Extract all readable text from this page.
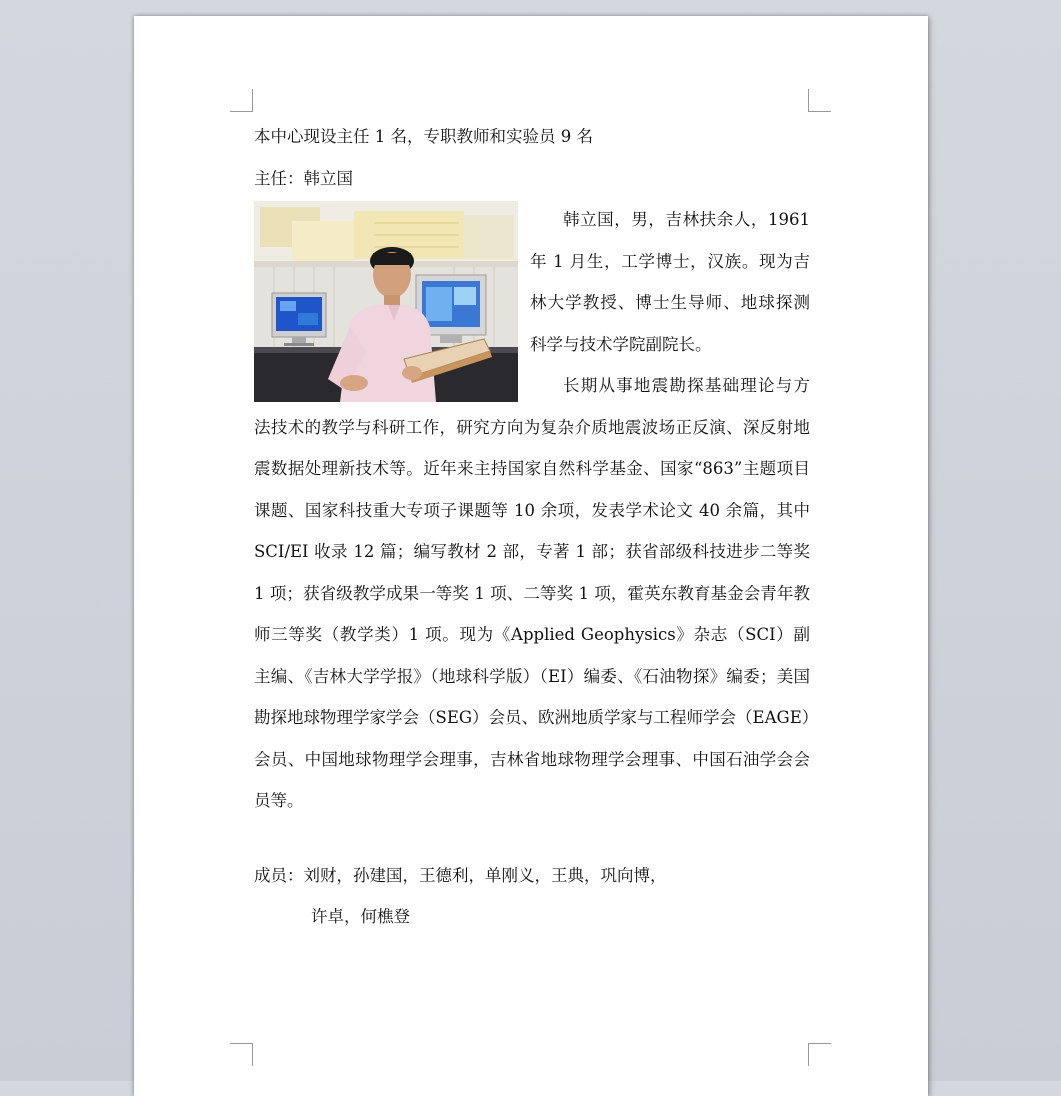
本中心现设主任 1 名，专职教师和实验员 9 名

主任：韩立国

韩立国，男，吉林扶余人，1961 年 1 月生，工学博士，汉族。现为吉林大学教授、博士生导师、地球探测科学与技术学院副院长。

长期从事地震勘探基础理论与方法技术的教学与科研工作，研究方向为复杂介质地震波场正反演、深反射地震数据处理新技术等。近年来主持国家自然科学基金、国家“863”主题项目课题、国家科技重大专项子课题等 10 余项，发表学术论文 40 余篇，其中 SCI/EI 收录 12 篇；编写教材 2 部，专著 1 部；获省部级科技进步二等奖 1 项；获省级教学成果一等奖 1 项、二等奖 1 项，霍英东教育基金会青年教师三等奖（教学类）1 项。现为《Applied Geophysics》杂志（SCI）副主编、《吉林大学学报》（地球科学版）（EI）编委、《石油物探》编委；美国勘探地球物理学家学会（SEG）会员、欧洲地质学家与工程师学会（EAGE）会员、中国地球物理学会理事，吉林省地球物理学会理事、中国石油学会会员等。

成员：刘财，孙建国，王德利，单刚义，王典，巩向博，

许卓，何樵登
